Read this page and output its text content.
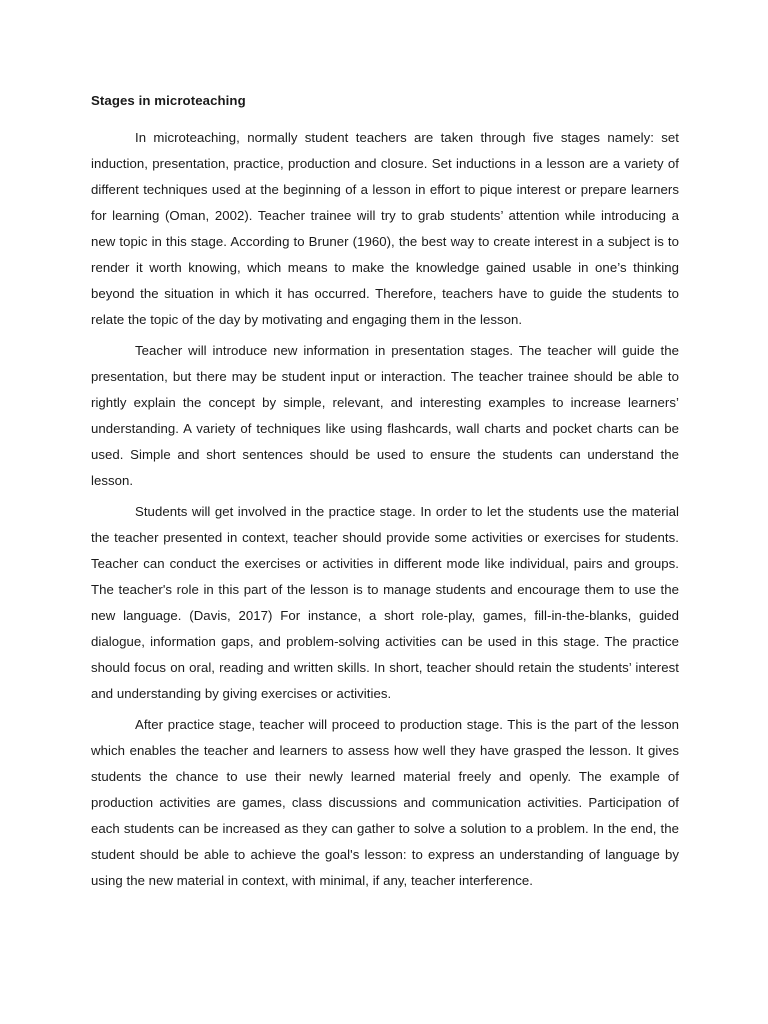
Stages in microteaching

In microteaching, normally student teachers are taken through five stages namely: set induction, presentation, practice, production and closure. Set inductions in a lesson are a variety of different techniques used at the beginning of a lesson in effort to pique interest or prepare learners for learning (Oman, 2002). Teacher trainee will try to grab students’ attention while introducing a new topic in this stage. According to Bruner (1960), the best way to create interest in a subject is to render it worth knowing, which means to make the knowledge gained usable in one’s thinking beyond the situation in which it has occurred. Therefore, teachers have to guide the students to relate the topic of the day by motivating and engaging them in the lesson.

Teacher will introduce new information in presentation stages. The teacher will guide the presentation, but there may be student input or interaction. The teacher trainee should be able to rightly explain the concept by simple, relevant, and interesting examples to increase learners’ understanding. A variety of techniques like using flashcards, wall charts and pocket charts can be used. Simple and short sentences should be used to ensure the students can understand the lesson.

Students will get involved in the practice stage. In order to let the students use the material the teacher presented in context, teacher should provide some activities or exercises for students. Teacher can conduct the exercises or activities in different mode like individual, pairs and groups. The teacher's role in this part of the lesson is to manage students and encourage them to use the new language. (Davis, 2017) For instance, a short role-play, games, fill-in-the-blanks, guided dialogue, information gaps, and problem-solving activities can be used in this stage. The practice should focus on oral, reading and written skills. In short, teacher should retain the students’ interest and understanding by giving exercises or activities.

After practice stage, teacher will proceed to production stage. This is the part of the lesson which enables the teacher and learners to assess how well they have grasped the lesson. It gives students the chance to use their newly learned material freely and openly. The example of production activities are games, class discussions and communication activities. Participation of each students can be increased as they can gather to solve a solution to a problem. In the end, the student should be able to achieve the goal's lesson: to express an understanding of language by using the new material in context, with minimal, if any, teacher interference.
